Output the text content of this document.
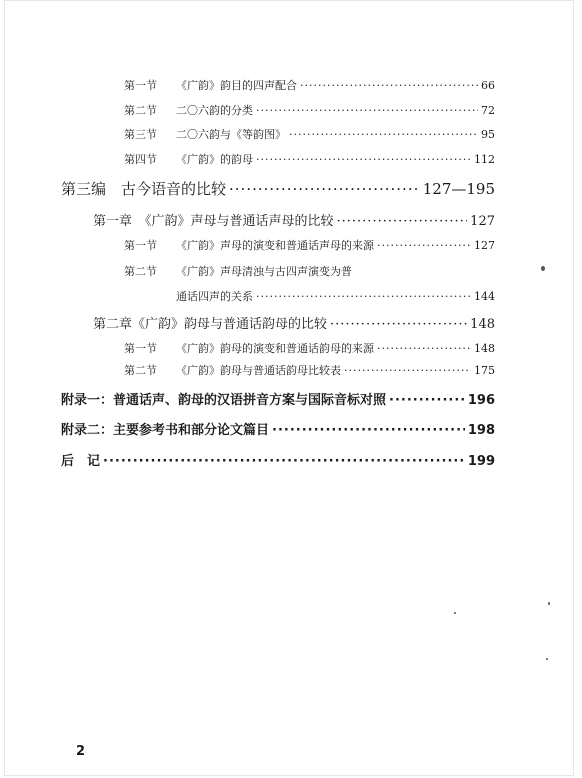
第一节 《广韵》韵目的四声配合 ·····	66
第二节 二〇六韵的分类 ·····	72
第三节 二〇六韵与《等韵图》 ·····	95
第四节 《广韵》的韵母 ·····	112
第三编　古今语音的比较 ·····	127—195
第一章　《广韵》声母与普通话声母的比较 ·····	127
第一节 《广韵》声母的演变和普通话声母的来源 ·····	127
第二节 《广韵》声母清浊与古四声演变为普
通话四声的关系 ·····	144
第二章《广韵》韵母与普通话韵母的比较 ·····	148
第一节 《广韵》韵母的演变和普通话韵母的来源 ·····	148
第二节 《广韵》韵母与普通话韵母比较表 ·····	175
附录一：普通话声、韵母的汉语拼音方案与国际音标对照 ·····	196
附录二：主要参考书和部分论文篇目 ·····	198
后　记 ·····	199
2
